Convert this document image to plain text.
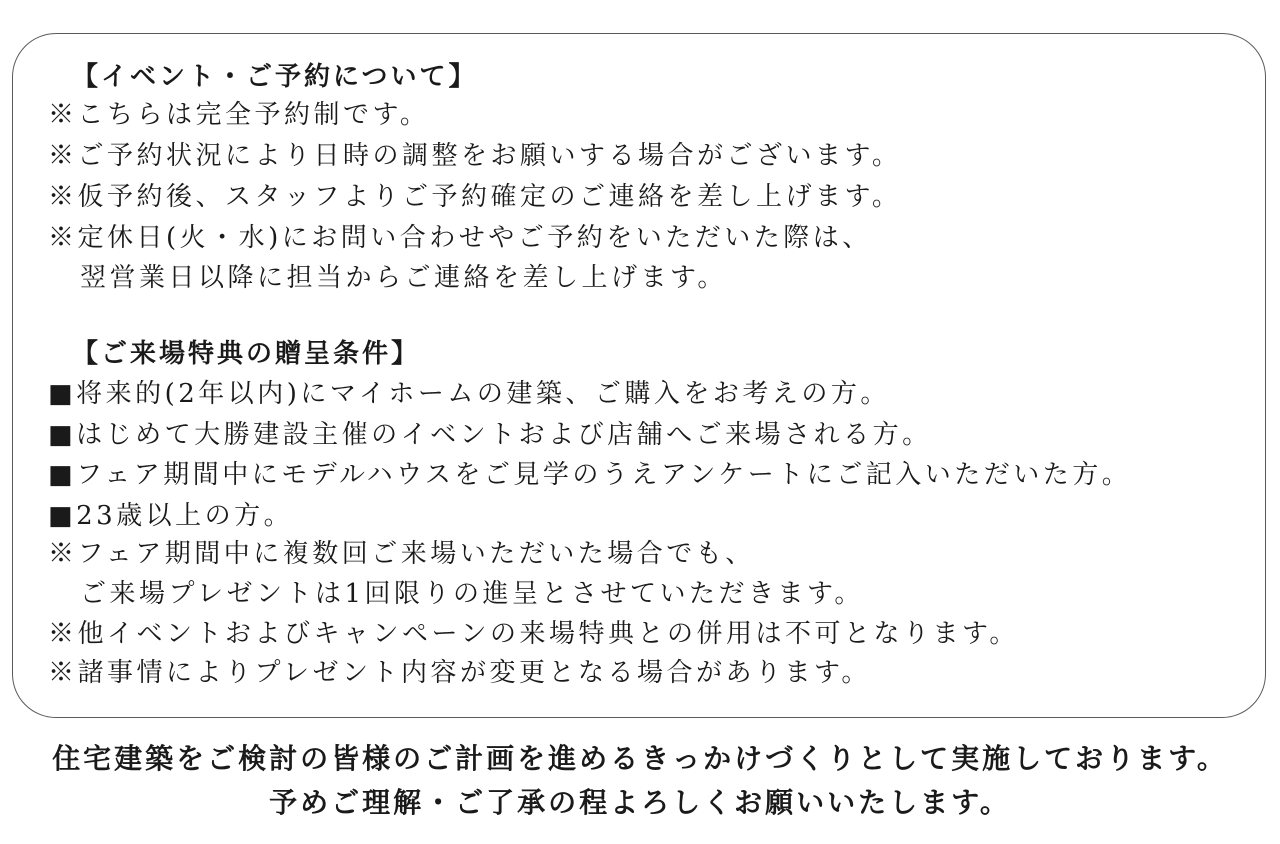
【イベント・ご予約について】
※こちらは完全予約制です。
※ご予約状況により日時の調整をお願いする場合がございます。
※仮予約後、スタッフよりご予約確定のご連絡を差し上げます。
※定休日(火・水)にお問い合わせやご予約をいただいた際は、
翌営業日以降に担当からご連絡を差し上げます。
【ご来場特典の贈呈条件】
■将来的(2年以内)にマイホームの建築、ご購入をお考えの方。
■はじめて大勝建設主催のイベントおよび店舗へご来場される方。
■フェア期間中にモデルハウスをご見学のうえアンケートにご記入いただいた方。
■23歳以上の方。
※フェア期間中に複数回ご来場いただいた場合でも、
ご来場プレゼントは1回限りの進呈とさせていただきます。
※他イベントおよびキャンペーンの来場特典との併用は不可となります。
※諸事情によりプレゼント内容が変更となる場合があります。
住宅建築をご検討の皆様のご計画を進めるきっかけづくりとして実施しております。
予めご理解・ご了承の程よろしくお願いいたします。
